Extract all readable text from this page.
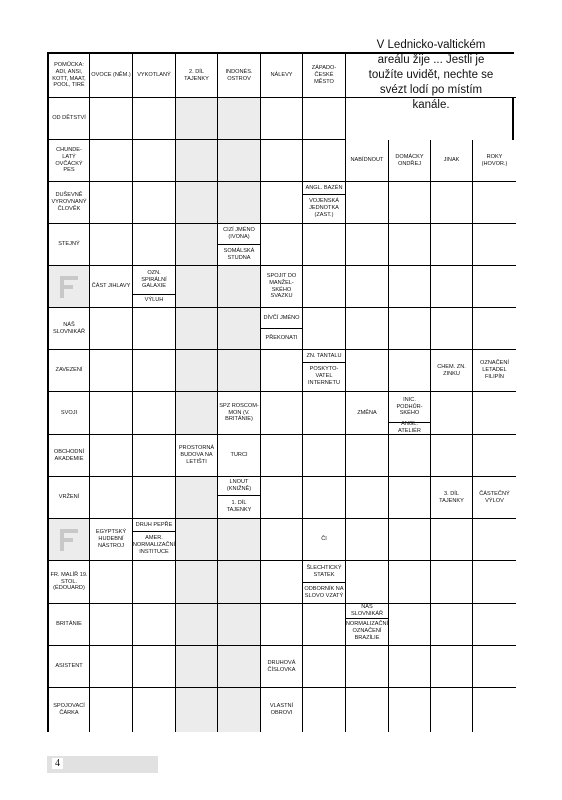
V Lednicko-valtickém areálu žije ... Jestli je toužíte uvidět, nechte se svézt lodí po místím kanále.
POMŮCKA: ADI, ANSI, KOTT, MAAT, POOL, TIRÉ
OVOCE (NĚM.)	VYKOTLANÝ
2. DÍL TAJENKY
INDONÉS. OSTROV
NÁLEVY
ZÁPADO-ČESKÉ MĚSTO
OD DĚTSTVÍ
CHUNDE-LATÝ OVČÁCKÝ PES
DUŠEVNĚ VYROVNANÝ ČLOVĚK
STEJNÝ
NÁŠ SLOVNIKÁŘ
ZAVEZENÍ
SVOJI
OBCHODNÍ AKADEMIE
VRŽENÍ
FR. MALÍŘ 19. STOL. (ÉDOUARD)
BRITÁNIE
ASISTENT
SPOJOVACÍ ČÁRKA
NABÍDNOUT
DOMÁCKY ONDŘEJ
JINAK
ROKY (HOVOR.)
ANGL. BAZÉN
VOJENSKÁ JEDNOTKA (ZAST.)
CIZÍ JMÉNO (IVONA)
SOMÁLSKÁ STUDNA
ČÁST JIHLAVY
OZN. SPIRÁLNÍ GALAXIE
VÝLUH
SPOJIT DO MANŽEL-SKÉHO SVAZKU
DÍVČÍ JMÉNO
PŘEKONATI
ZN. TANTALU
POSKYTO-VATEL INTERNETU
CHEM. ZN. ZINKU
OZNAČENÍ LETADEL FILIPÍN
SPZ ROSCOM-MON (V. BRITÁNIE)
ZMĚNA
INIC. PODHŮR-SKÉHO
ANGL. ATELIÉR
PROSTORNÁ BUDOVA NA LETIŠTI
TURCI
LNOUT (KNIŽNĚ)
1. DÍL TAJENKY
3. DÍL TAJENKY
ČÁSTEČNÝ VÝLOV
EGYPTSKÝ HUDEBNÍ NÁSTROJ
DRUH PEPŘE
AMER. NORMALIZAČNÍ INSTITUCE
ČI
ŠLECHTICKÝ STATEK
ODBORNÍK NA SLOVO VZATÝ
NÁŠ SLOVNIKÁŘ
NORMALIZAČNÍ OZNAČENÍ BRAZÍLIE
DRUHOVÁ ČÍSLOVKA
VLASTNÍ OBROVI
4
